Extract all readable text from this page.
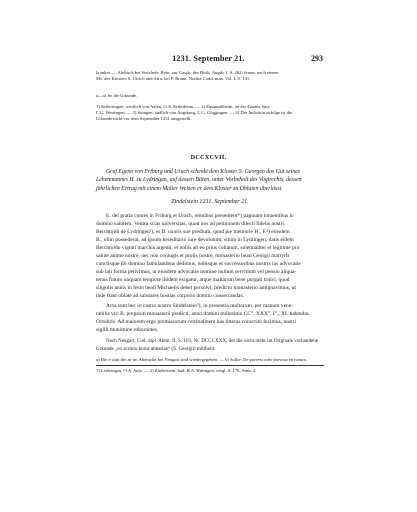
1231. September 21.	293
kranker. — Abdruck bei Steichele, Beitr. zur Gesch. des Bisth. Augsb. I, S. 262; ferner, nach einem
Ms. des Klosters S. Ulrich und Afra, bei P. Braun, Notitia Codd. man. Vol. I, S. 141.
a—a) So die Urkunde.
1) Seifertingen, westlich von Aalen, O.A. Ertlesheim. — 2) Zusamaltheim, an der Zusam, bair.
L.G. Wertingen. — 3) Suingen, südlich von Augsburg, L.G. Göggingen. — 4) Der Indiction zufolge ist die
Urkunde nicht vor dem September 1231 ausgestellt.
DCCXCVII.
Graf Egeno von Friburg und Urach schenkt dem Kloster S. Georgen das Gut seines
Lehenmannes H. zu Lydringen, auf dessen Bitten, unter Vorbehalt des Vogtrechts, dessen
jährlichen Ertrag mit einem Malter Weizen er dem Kloster zu Oblaten überlässt.
Zindelstein 1231. September 21.
E. dei gratia comes in Friburg et Urach, omnibus presentem*) paginam intuentibus in
domino salutem. Ventra scias universitas, quod nos ad petitionem dilecti fidelis nostri,
Berchtoldi de Lydringen¹), et D. uxoris sue predium, quod pie memorie H., F.²) einsdem
B., olim possederat, ad ipsum hereditario iure devolutum, situm in Lydringen, datis eidem
Berchtoldo viginti marchis argenti, et nobis ab eo prius collatum, solennaliter et legitime pro
salute anime nostre, nec non coniugis et prolis nostre, monasterio beati Georgii martyris
cunctisque ibi domino famulantibus dedimus, nobisque et successoribus nostris ius advocatie
sub tali forma petivimus, ut eiusdem advocatie nomine nullum servitium vel pensio aliqua-
tenus futuro unquam tempore ibidem exigatur, atque maltarum bene purgati tritici, quod
singulis annis in festo beati Michaelis debet persolvi, predicto monasterio amignavimus, ut
inde fiant oblate ad salutares hostias corporis domini consecrandas.
Acta sunt hec in castro nostro Sindelstein³), in presentia multorum, per manum vene-
rabilis viri B. prepositi monasterii predicti, anno domini millesimo CC°. XXX°. I°., XI. kalendas
Octobris. Ad maiorem ergo premissorum certitudinem has litteras conscribi fecimus, nostri
sigilli munimine roborantes.
Nach Neugart, Cod. dipl. Alem. II, S. 163, Nr. DCCCXXX, der die nicht mehr im Originale vorhandene
Urkunde „ex scrinio huius abbatiae“ (S. Georgii) mittheilt.
a) Die e statt der ae im Abdrucke bei Neugart sind wiedergegeben. — b) Sollte: De parvest oder parvosa en natura.
1) Leidringen, O.A. Sulz. — 2) Zindelstein, bad. B.A. Hüfingen, vergl. S. 176, Anm. 2.
